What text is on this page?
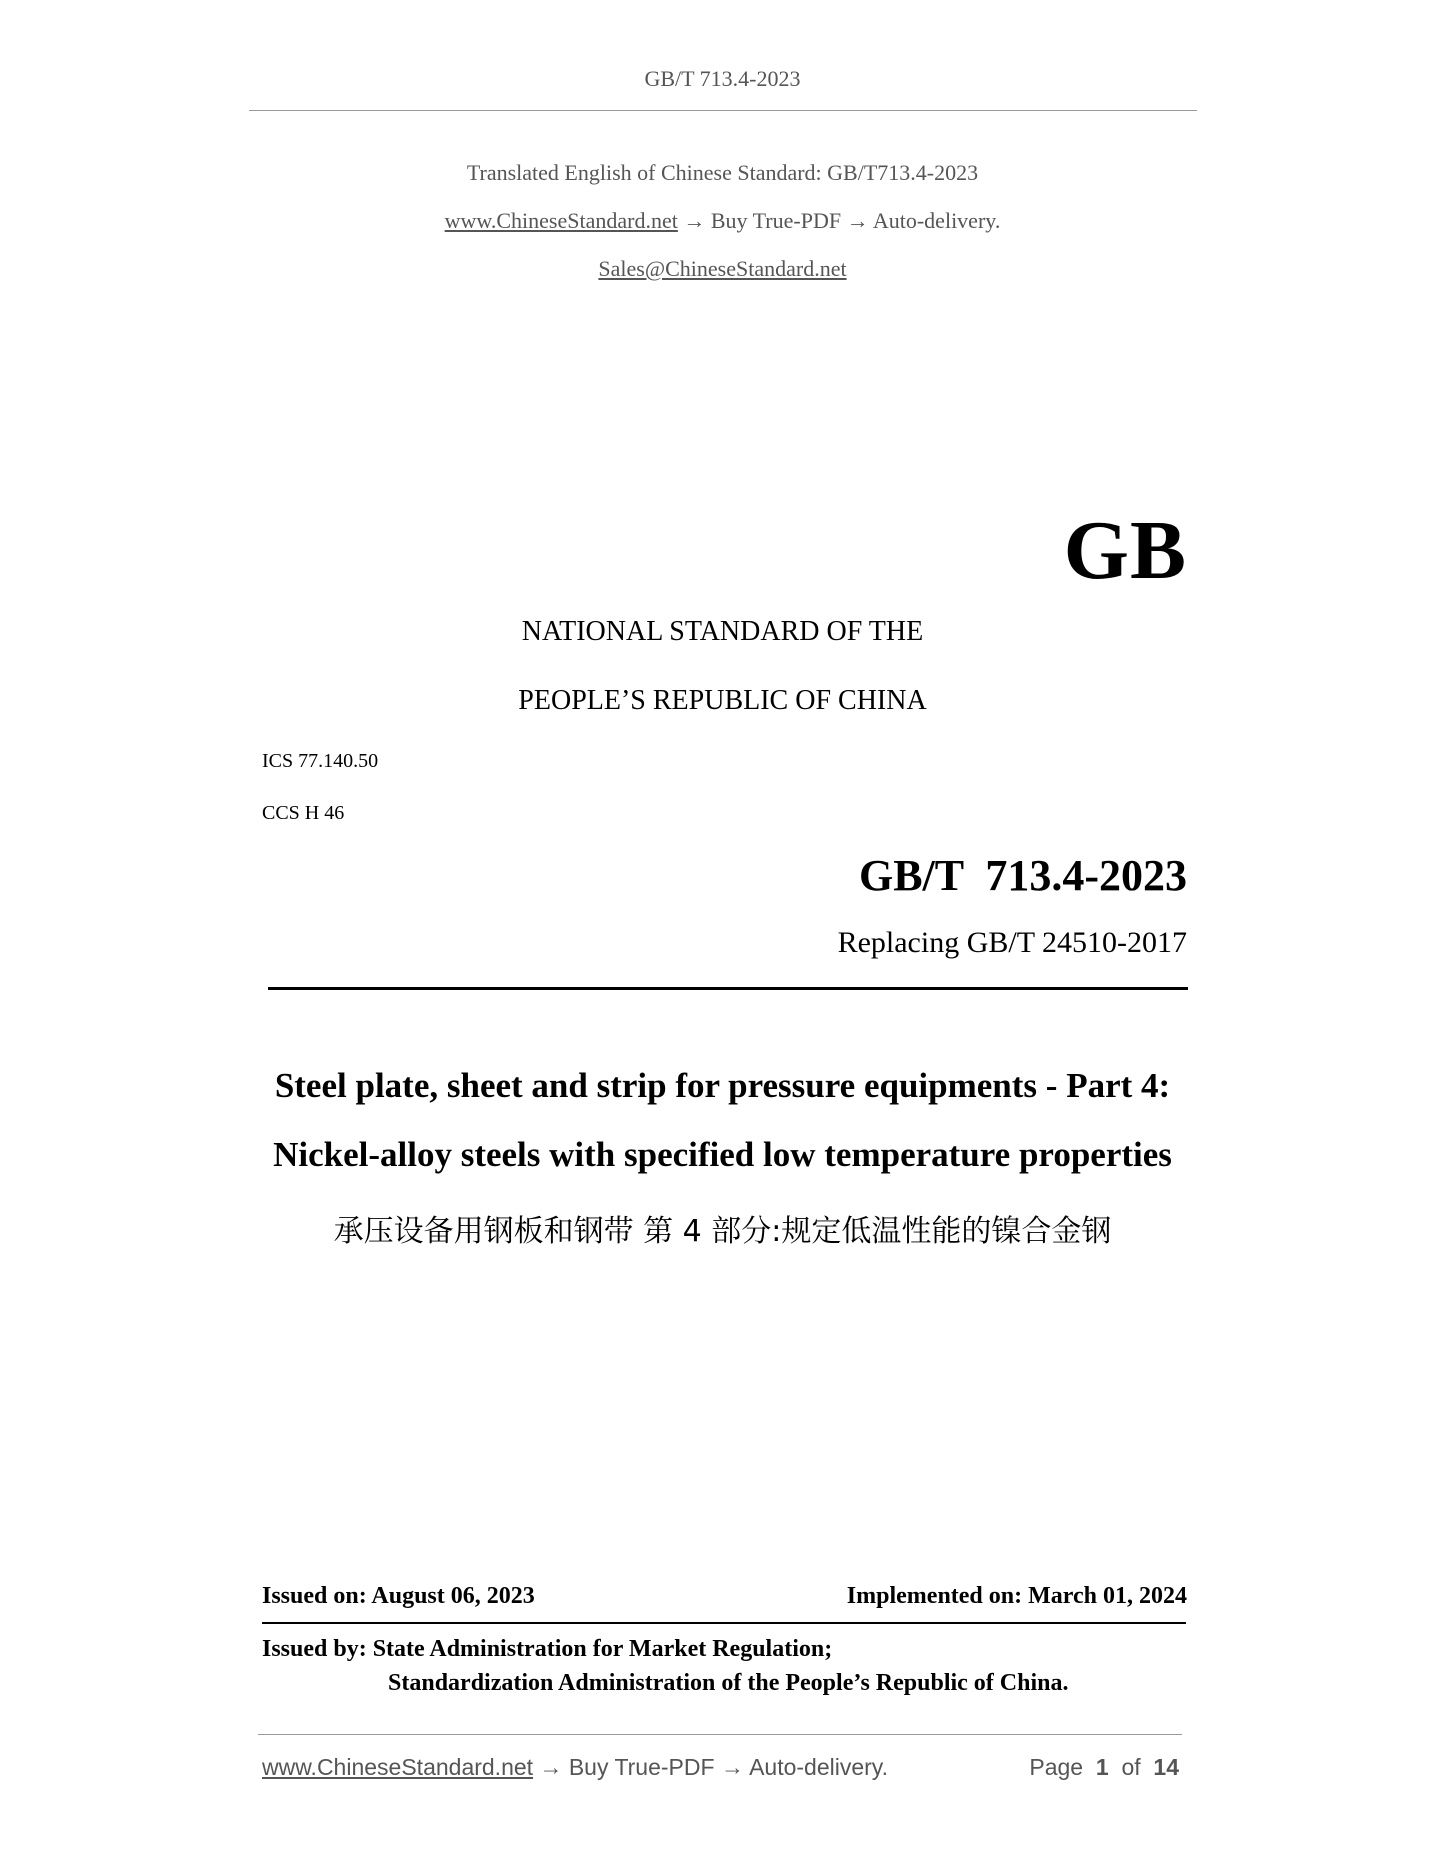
GB/T 713.4-2023
Translated English of Chinese Standard: GB/T713.4-2023
www.ChineseStandard.net → Buy True-PDF → Auto-delivery.
Sales@ChineseStandard.net
GB
NATIONAL STANDARD OF THE
PEOPLE’S REPUBLIC OF CHINA
ICS 77.140.50
CCS H 46
GB/T  713.4-2023
Replacing GB/T 24510-2017
Steel plate, sheet and strip for pressure equipments - Part 4:
Nickel-alloy steels with specified low temperature properties
承压设备用钢板和钢带 第 4 部分:规定低温性能的镍合金钢
Issued on: August 06, 2023	Implemented on: March 01, 2024
Issued by: State Administration for Market Regulation;
Standardization Administration of the People’s Republic of China.
www.ChineseStandard.net → Buy True-PDF → Auto-delivery.	Page 1 of 14
